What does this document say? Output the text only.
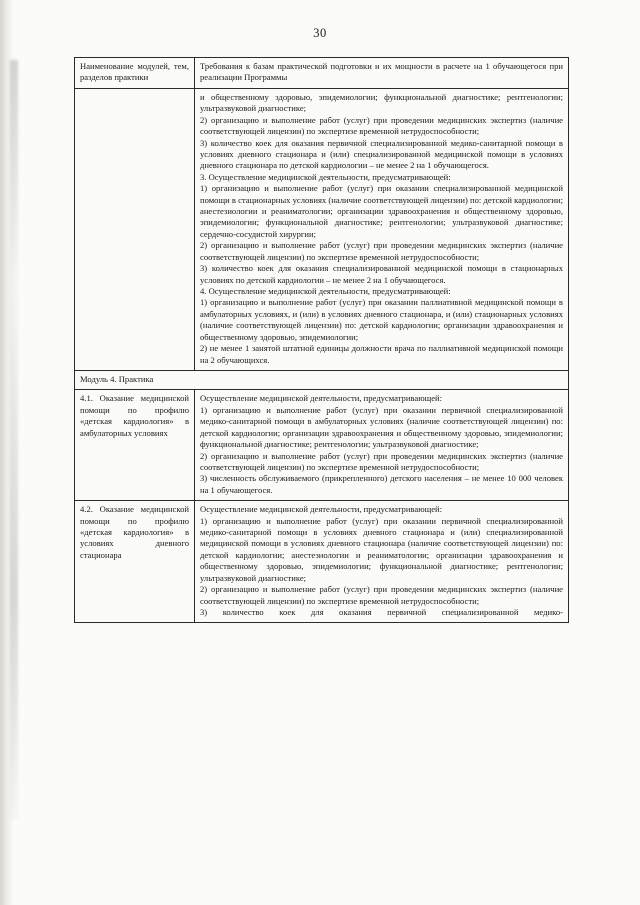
30
Наименование модулей, тем, разделов практики	Требования к базам практической подготовки и их мощности в расчете на 1 обучающегося при реализации Программы

и общественному здоровью, эпидемиологии; функциональной диагностике; рентгенологии; ультразвуковой диагностике;

2) организацию и выполнение работ (услуг) при проведении медицинских экспертиз (наличие соответствующей лицензии) по экспертизе временной нетрудоспособности;

3) количество коек для оказания первичной специализированной медико-санитарной помощи в условиях дневного стационара и (или) специализированной медицинской помощи в условиях дневного стационара по детской кардиологии – не менее 2 на 1 обучающегося.

3. Осуществление медицинской деятельности, предусматривающей:

1) организацию и выполнение работ (услуг) при оказании специализированной медицинской помощи в стационарных условиях (наличие соответствующей лицензии) по: детской кардиологии; анестезиологии и реаниматологии; организации здравоохранения и общественному здоровью, эпидемиологии; функциональной диагностике; рентгенологии; ультразвуковой диагностике; сердечно-сосудистой хирургии;

2) организацию и выполнение работ (услуг) при проведении медицинских экспертиз (наличие соответствующей лицензии) по экспертизе временной нетрудоспособности;

3) количество коек для оказания специализированной медицинской помощи в стационарных условиях по детской кардиологии – не менее 2 на 1 обучающегося.

4. Осуществление медицинской деятельности, предусматривающей:

1) организацию и выполнение работ (услуг) при оказании паллиативной медицинской помощи в амбулаторных условиях, и (или) в условиях дневного стационара, и (или) стационарных условиях (наличие соответствующей лицензии) по: детской кардиологии; организации здравоохранения и общественному здоровью, эпидемиологии;

2) не менее 1 занятой штатной единицы должности врача по паллиативной медицинской помощи на 2 обучающихся.

Модуль 4. Практика	
4.1. Оказание медицинской помощи по профилю «детская кардиология» в амбулаторных условиях	Осуществление медицинской деятельности, предусматривающей:

1) организацию и выполнение работ (услуг) при оказании первичной специализированной медико-санитарной помощи в амбулаторных условиях (наличие соответствующей лицензии) по: детской кардиологии; организации здравоохранения и общественному здоровью, эпидемиологии; функциональной диагностике; рентгенологии; ультразвуковой диагностике;

2) организацию и выполнение работ (услуг) при проведении медицинских экспертиз (наличие соответствующей лицензии) по экспертизе временной нетрудоспособности;

3) численность обслуживаемого (прикрепленного) детского населения – не менее 10 000 человек на 1 обучающегося.

4.2. Оказание медицинской помощи по профилю «детская кардиология» в условиях дневного стационара	Осуществление медицинской деятельности, предусматривающей:

1) организацию и выполнение работ (услуг) при оказании первичной специализированной медико-санитарной помощи в условиях дневного стационара и (или) специализированной медицинской помощи в условиях дневного стационара (наличие соответствующей лицензии) по: детской кардиологии; анестезиологии и реаниматологии; организации здравоохранения и общественному здоровью, эпидемиологии; функциональной диагностике; рентгенологии; ультразвуковой диагностике;

2) организацию и выполнение работ (услуг) при проведении медицинских экспертиз (наличие соответствующей лицензии) по экспертизе временной нетрудоспособности;

3) количество коек для оказания первичной специализированной медико-
